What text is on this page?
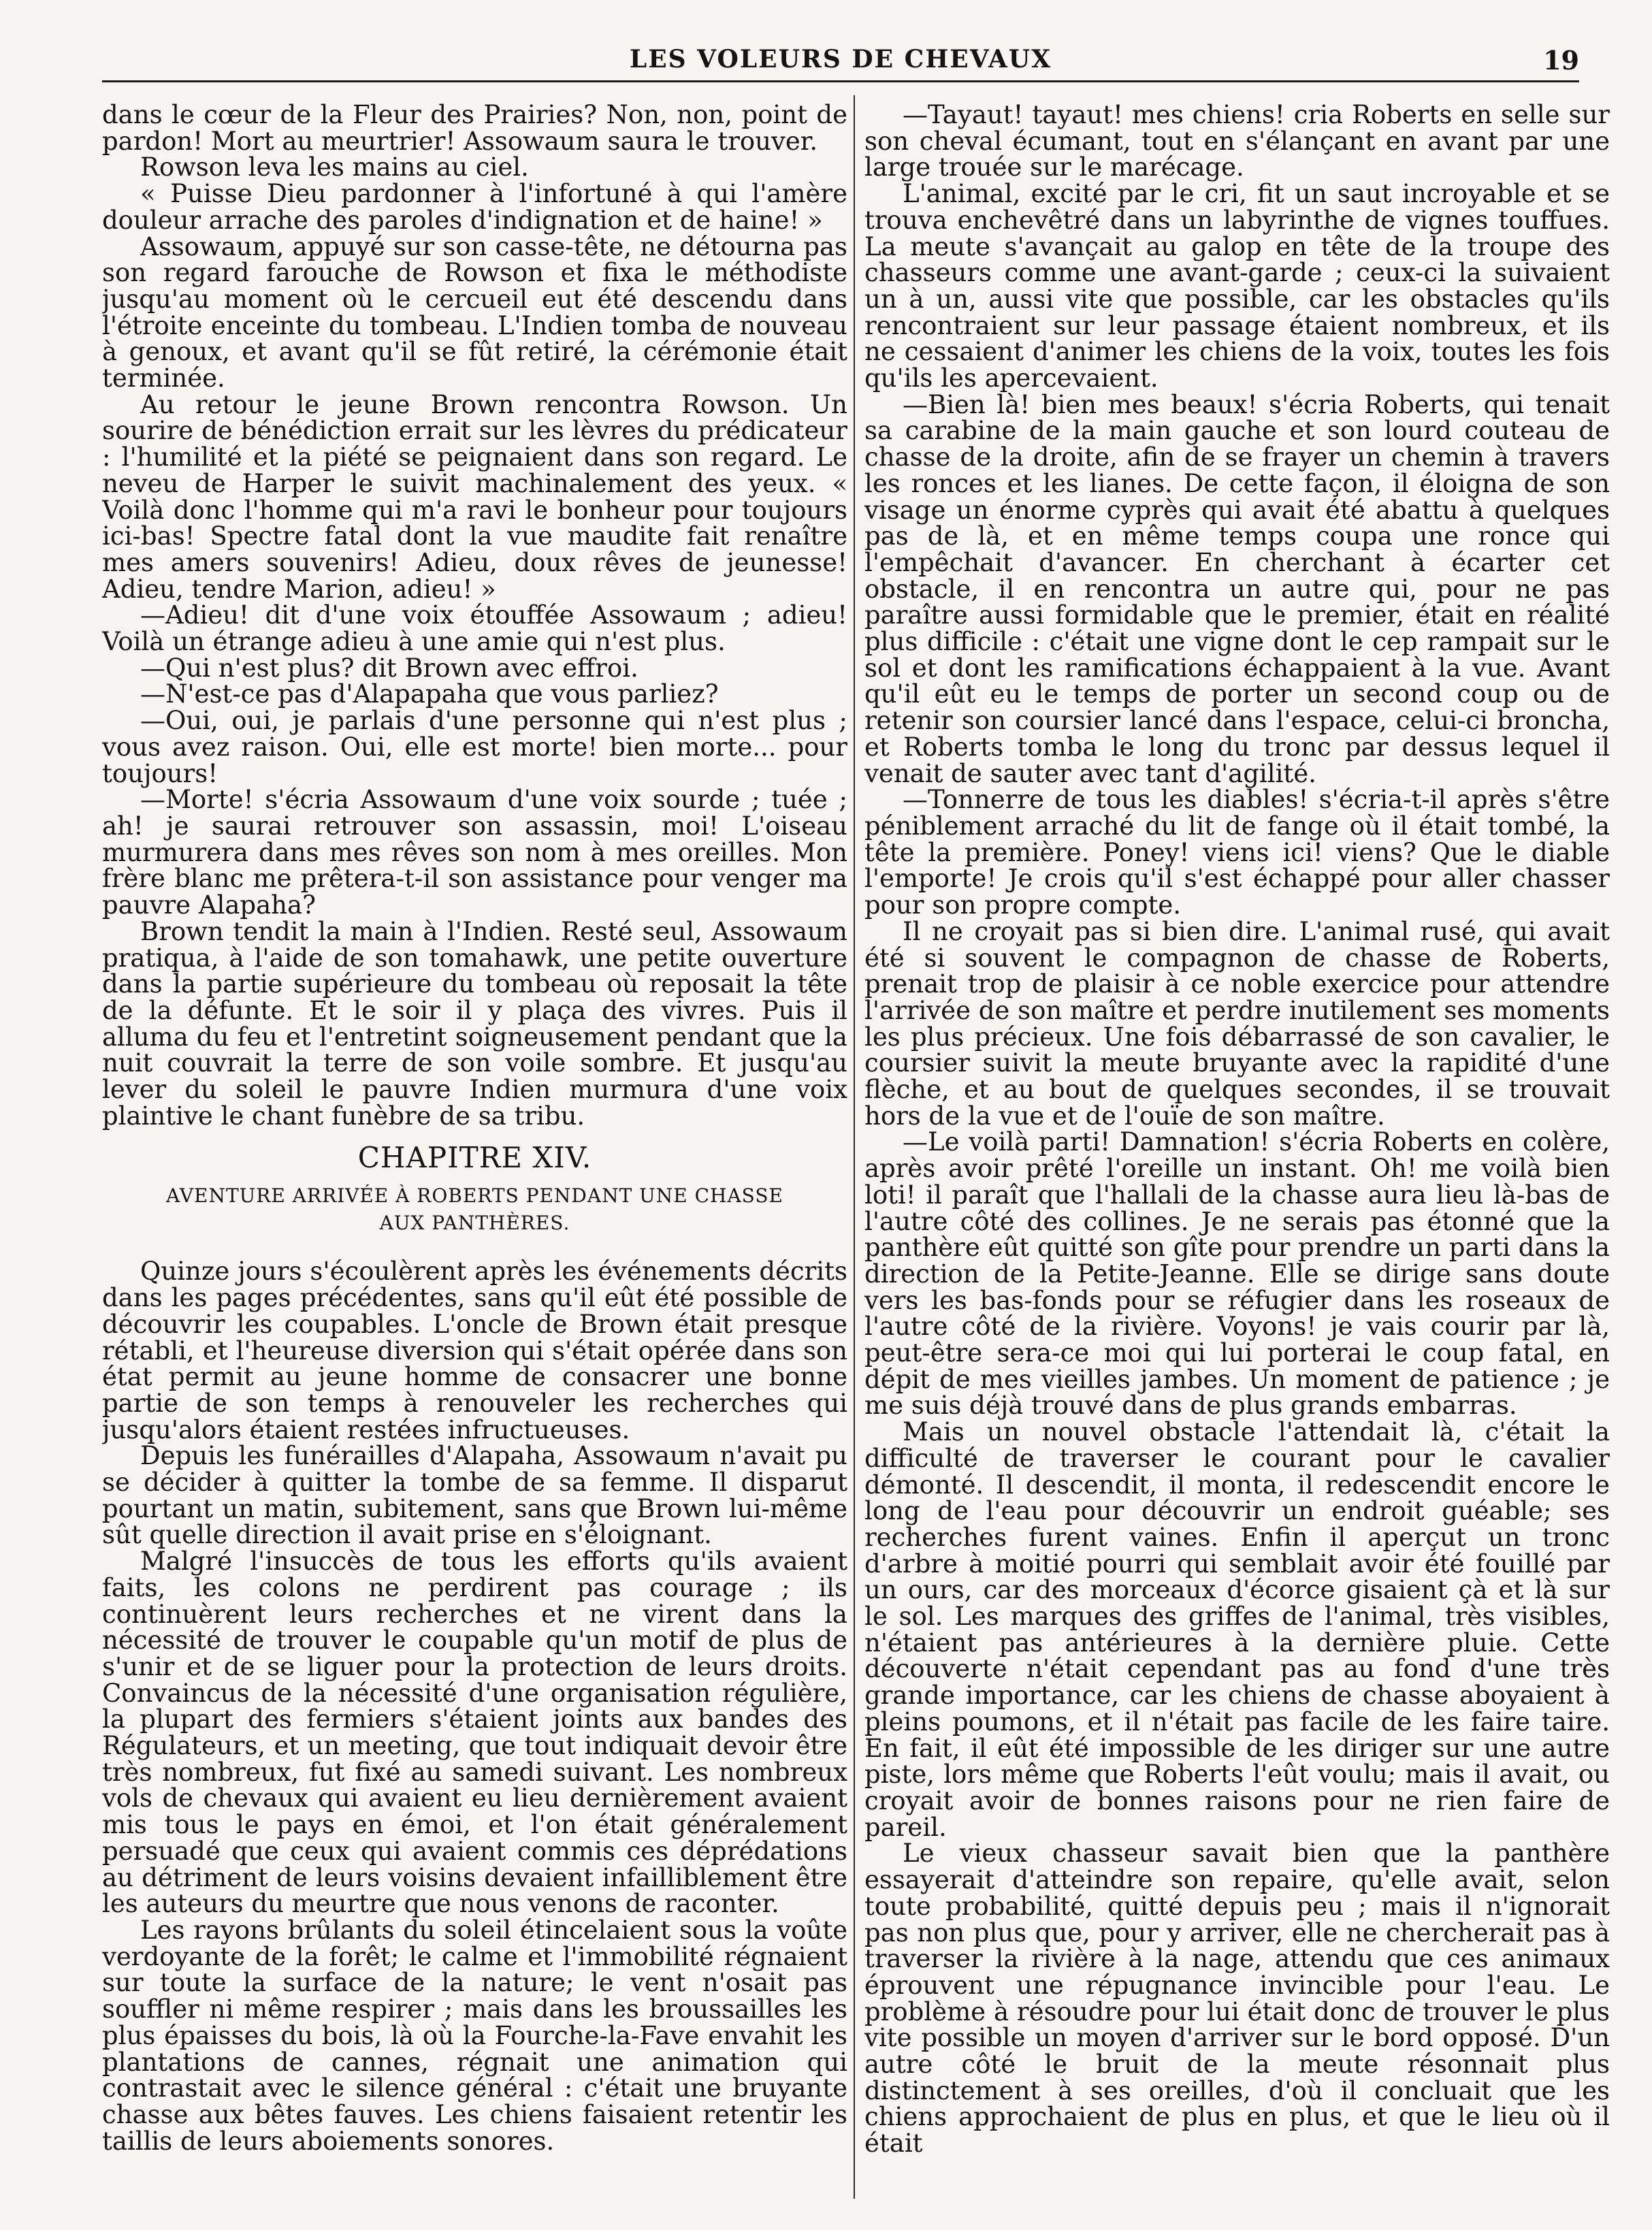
LES VOLEURS DE CHEVAUX	19

dans le cœur de la Fleur des Prairies? Non, non, point de pardon! Mort au meurtrier! Assowaum saura le trouver.

Rowson leva les mains au ciel.

« Puisse Dieu pardonner à l'infortuné à qui l'amère douleur arrache des paroles d'indignation et de haine! »

Assowaum, appuyé sur son casse-tête, ne détourna pas son regard farouche de Rowson et fixa le méthodiste jusqu'au moment où le cercueil eut été descendu dans l'étroite enceinte du tombeau. L'Indien tomba de nouveau à genoux, et avant qu'il se fût retiré, la cérémonie était terminée.

Au retour le jeune Brown rencontra Rowson. Un sourire de bénédiction errait sur les lèvres du prédicateur : l'humilité et la piété se peignaient dans son regard. Le neveu de Harper le suivit machinalement des yeux. « Voilà donc l'homme qui m'a ravi le bonheur pour toujours ici-bas! Spectre fatal dont la vue maudite fait renaître mes amers souvenirs! Adieu, doux rêves de jeunesse! Adieu, tendre Marion, adieu! »

—Adieu! dit d'une voix étouffée Assowaum ; adieu! Voilà un étrange adieu à une amie qui n'est plus.

—Qui n'est plus? dit Brown avec effroi.

—N'est-ce pas d'Alapapaha que vous parliez?

—Oui, oui, je parlais d'une personne qui n'est plus ; vous avez raison. Oui, elle est morte! bien morte... pour toujours!

—Morte! s'écria Assowaum d'une voix sourde ; tuée ; ah! je saurai retrouver son assassin, moi! L'oiseau murmurera dans mes rêves son nom à mes oreilles. Mon frère blanc me prêtera-t-il son assistance pour venger ma pauvre Alapaha?

Brown tendit la main à l'Indien. Resté seul, Assowaum pratiqua, à l'aide de son tomahawk, une petite ouverture dans la partie supérieure du tombeau où reposait la tête de la défunte. Et le soir il y plaça des vivres. Puis il alluma du feu et l'entretint soigneusement pendant que la nuit couvrait la terre de son voile sombre. Et jusqu'au lever du soleil le pauvre Indien murmura d'une voix plaintive le chant funèbre de sa tribu.

CHAPITRE XIV.
AVENTURE ARRIVÉE À ROBERTS PENDANT UNE CHASSE AUX PANTHÈRES.

Quinze jours s'écoulèrent après les événements décrits dans les pages précédentes, sans qu'il eût été possible de découvrir les coupables. L'oncle de Brown était presque rétabli, et l'heureuse diversion qui s'était opérée dans son état permit au jeune homme de consacrer une bonne partie de son temps à renouveler les recherches qui jusqu'alors étaient restées infructueuses.

Depuis les funérailles d'Alapaha, Assowaum n'avait pu se décider à quitter la tombe de sa femme. Il disparut pourtant un matin, subitement, sans que Brown lui-même sût quelle direction il avait prise en s'éloignant.

Malgré l'insuccès de tous les efforts qu'ils avaient faits, les colons ne perdirent pas courage ; ils continuèrent leurs recherches et ne virent dans la nécessité de trouver le coupable qu'un motif de plus de s'unir et de se liguer pour la protection de leurs droits. Convaincus de la nécessité d'une organisation régulière, la plupart des fermiers s'étaient joints aux bandes des Régulateurs, et un meeting, que tout indiquait devoir être très nombreux, fut fixé au samedi suivant. Les nombreux vols de chevaux qui avaient eu lieu dernièrement avaient mis tous le pays en émoi, et l'on était généralement persuadé que ceux qui avaient commis ces déprédations au détriment de leurs voisins devaient infailliblement être les auteurs du meurtre que nous venons de raconter.

Les rayons brûlants du soleil étincelaient sous la voûte verdoyante de la forêt; le calme et l'immobilité régnaient sur toute la surface de la nature; le vent n'osait pas souffler ni même respirer ; mais dans les broussailles les plus épaisses du bois, là où la Fourche-la-Fave envahit les plantations de cannes, régnait une animation qui contrastait avec le silence général : c'était une bruyante chasse aux bêtes fauves. Les chiens faisaient retentir les taillis de leurs aboiements sonores.

—Tayaut! tayaut! mes chiens! cria Roberts en selle sur son cheval écumant, tout en s'élançant en avant par une large trouée sur le marécage.

L'animal, excité par le cri, fit un saut incroyable et se trouva enchevêtré dans un labyrinthe de vignes touffues. La meute s'avançait au galop en tête de la troupe des chasseurs comme une avant-garde ; ceux-ci la suivaient un à un, aussi vite que possible, car les obstacles qu'ils rencontraient sur leur passage étaient nombreux, et ils ne cessaient d'animer les chiens de la voix, toutes les fois qu'ils les apercevaient.

—Bien là! bien mes beaux! s'écria Roberts, qui tenait sa carabine de la main gauche et son lourd couteau de chasse de la droite, afin de se frayer un chemin à travers les ronces et les lianes. De cette façon, il éloigna de son visage un énorme cyprès qui avait été abattu à quelques pas de là, et en même temps coupa une ronce qui l'empêchait d'avancer. En cherchant à écarter cet obstacle, il en rencontra un autre qui, pour ne pas paraître aussi formidable que le premier, était en réalité plus difficile : c'était une vigne dont le cep rampait sur le sol et dont les ramifications échappaient à la vue. Avant qu'il eût eu le temps de porter un second coup ou de retenir son coursier lancé dans l'espace, celui-ci broncha, et Roberts tomba le long du tronc par dessus lequel il venait de sauter avec tant d'agilité.

—Tonnerre de tous les diables! s'écria-t-il après s'être péniblement arraché du lit de fange où il était tombé, la tête la première. Poney! viens ici! viens? Que le diable l'emporte! Je crois qu'il s'est échappé pour aller chasser pour son propre compte.

Il ne croyait pas si bien dire. L'animal rusé, qui avait été si souvent le compagnon de chasse de Roberts, prenait trop de plaisir à ce noble exercice pour attendre l'arrivée de son maître et perdre inutilement ses moments les plus précieux. Une fois débarrassé de son cavalier, le coursier suivit la meute bruyante avec la rapidité d'une flèche, et au bout de quelques secondes, il se trouvait hors de la vue et de l'ouïe de son maître.

—Le voilà parti! Damnation! s'écria Roberts en colère, après avoir prêté l'oreille un instant. Oh! me voilà bien loti! il paraît que l'hallali de la chasse aura lieu là-bas de l'autre côté des collines. Je ne serais pas étonné que la panthère eût quitté son gîte pour prendre un parti dans la direction de la Petite-Jeanne. Elle se dirige sans doute vers les bas-fonds pour se réfugier dans les roseaux de l'autre côté de la rivière. Voyons! je vais courir par là, peut-être sera-ce moi qui lui porterai le coup fatal, en dépit de mes vieilles jambes. Un moment de patience ; je me suis déjà trouvé dans de plus grands embarras.

Mais un nouvel obstacle l'attendait là, c'était la difficulté de traverser le courant pour le cavalier démonté. Il descendit, il monta, il redescendit encore le long de l'eau pour découvrir un endroit guéable; ses recherches furent vaines. Enfin il aperçut un tronc d'arbre à moitié pourri qui semblait avoir été fouillé par un ours, car des morceaux d'écorce gisaient çà et là sur le sol. Les marques des griffes de l'animal, très visibles, n'étaient pas antérieures à la dernière pluie. Cette découverte n'était cependant pas au fond d'une très grande importance, car les chiens de chasse aboyaient à pleins poumons, et il n'était pas facile de les faire taire. En fait, il eût été impossible de les diriger sur une autre piste, lors même que Roberts l'eût voulu; mais il avait, ou croyait avoir de bonnes raisons pour ne rien faire de pareil.

Le vieux chasseur savait bien que la panthère essayerait d'atteindre son repaire, qu'elle avait, selon toute probabilité, quitté depuis peu ; mais il n'ignorait pas non plus que, pour y arriver, elle ne chercherait pas à traverser la rivière à la nage, attendu que ces animaux éprouvent une répugnance invincible pour l'eau. Le problème à résoudre pour lui était donc de trouver le plus vite possible un moyen d'arriver sur le bord opposé. D'un autre côté le bruit de la meute résonnait plus distinctement à ses oreilles, d'où il concluait que les chiens approchaient de plus en plus, et que le lieu où il était
